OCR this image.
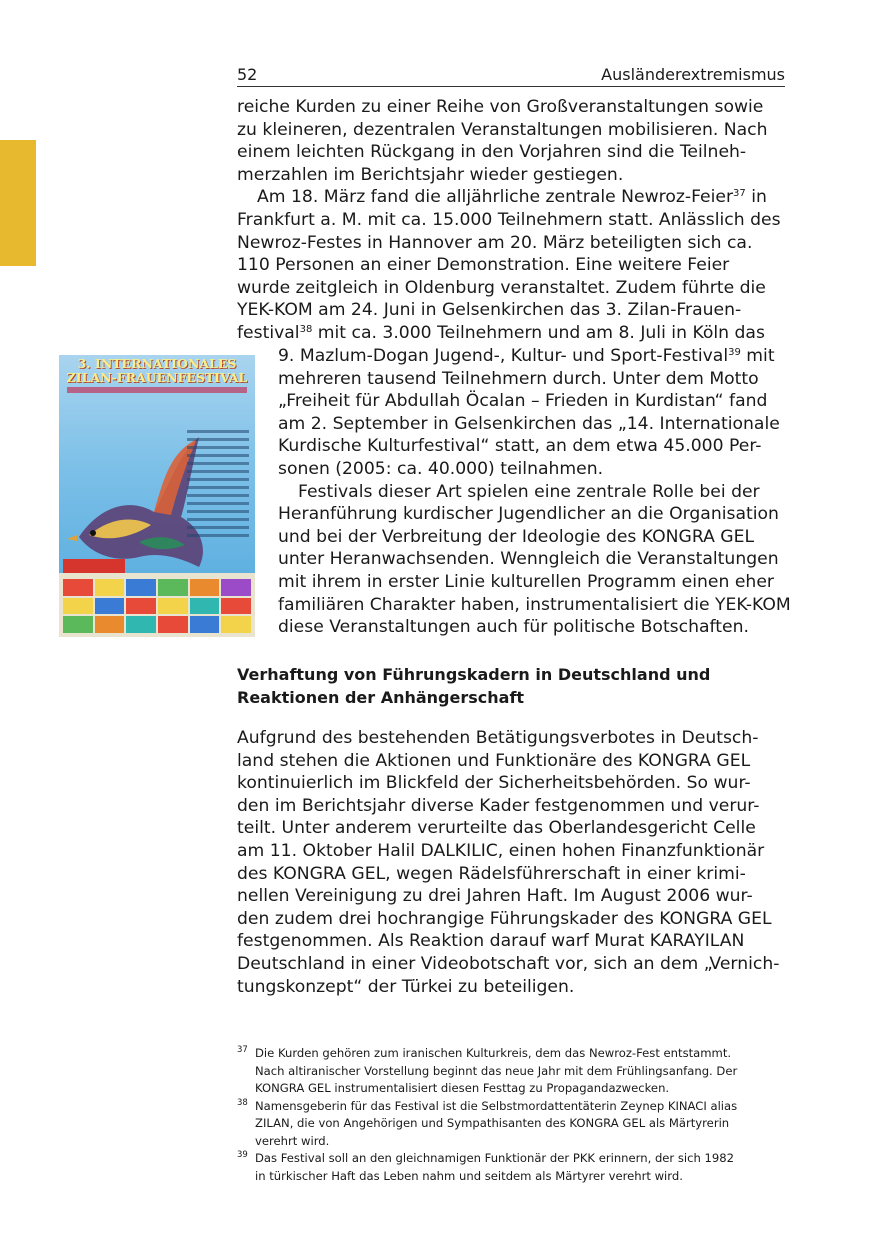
52	Ausländerextremismus
reiche Kurden zu einer Reihe von Großveranstaltungen sowie
zu kleineren, dezentralen Veranstaltungen mobilisieren. Nach
einem leichten Rückgang in den Vorjahren sind die Teilneh-
merzahlen im Berichtsjahr wieder gestiegen.
Am 18. März fand die alljährliche zentrale Newroz-Feier$^{37}$ in
Frankfurt a. M. mit ca. 15.000 Teilnehmern statt. Anlässlich des
Newroz-Festes in Hannover am 20. März beteiligten sich ca.
110 Personen an einer Demonstration. Eine weitere Feier
wurde zeitgleich in Oldenburg veranstaltet. Zudem führte die
YEK-KOM am 24. Juni in Gelsenkirchen das 3. Zilan-Frauen-
festival$^{38}$ mit ca. 3.000 Teilnehmern und am 8. Juli in Köln das
3. INTERNATIONALES
ZILAN-FRAUENFESTIVAL
9. Mazlum-Dogan Jugend-, Kultur- und Sport-Festival$^{39}$ mit
mehreren tausend Teilnehmern durch. Unter dem Motto
„Freiheit für Abdullah Öcalan – Frieden in Kurdistan“ fand
am 2. September in Gelsenkirchen das „14. Internationale
Kurdische Kulturfestival“ statt, an dem etwa 45.000 Per-
sonen (2005: ca. 40.000) teilnahmen.
Festivals dieser Art spielen eine zentrale Rolle bei der
Heranführung kurdischer Jugendlicher an die Organisation
und bei der Verbreitung der Ideologie des KONGRA GEL
unter Heranwachsenden. Wenngleich die Veranstaltungen
mit ihrem in erster Linie kulturellen Programm einen eher
familiären Charakter haben, instrumentalisiert die YEK-KOM
diese Veranstaltungen auch für politische Botschaften.
Verhaftung von Führungskadern in Deutschland und
Reaktionen der Anhängerschaft
Aufgrund des bestehenden Betätigungsverbotes in Deutsch-
land stehen die Aktionen und Funktionäre des KONGRA GEL
kontinuierlich im Blickfeld der Sicherheitsbehörden. So wur-
den im Berichtsjahr diverse Kader festgenommen und verur-
teilt. Unter anderem verurteilte das Oberlandesgericht Celle
am 11. Oktober Halil DALKILIC, einen hohen Finanzfunktionär
des KONGRA GEL, wegen Rädelsführerschaft in einer krimi-
nellen Vereinigung zu drei Jahren Haft. Im August 2006 wur-
den zudem drei hochrangige Führungskader des KONGRA GEL
festgenommen. Als Reaktion darauf warf Murat KARAYILAN
Deutschland in einer Videobotschaft vor, sich an dem „Vernich-
tungskonzept“ der Türkei zu beteiligen.
37 Die Kurden gehören zum iranischen Kulturkreis, dem das Newroz-Fest entstammt.
Nach altiranischer Vorstellung beginnt das neue Jahr mit dem Frühlingsanfang. Der
KONGRA GEL instrumentalisiert diesen Festtag zu Propagandazwecken.
38 Namensgeberin für das Festival ist die Selbstmordattentäterin Zeynep KINACI alias
ZILAN, die von Angehörigen und Sympathisanten des KONGRA GEL als Märtyrerin
verehrt wird.
39 Das Festival soll an den gleichnamigen Funktionär der PKK erinnern, der sich 1982
in türkischer Haft das Leben nahm und seitdem als Märtyrer verehrt wird.
